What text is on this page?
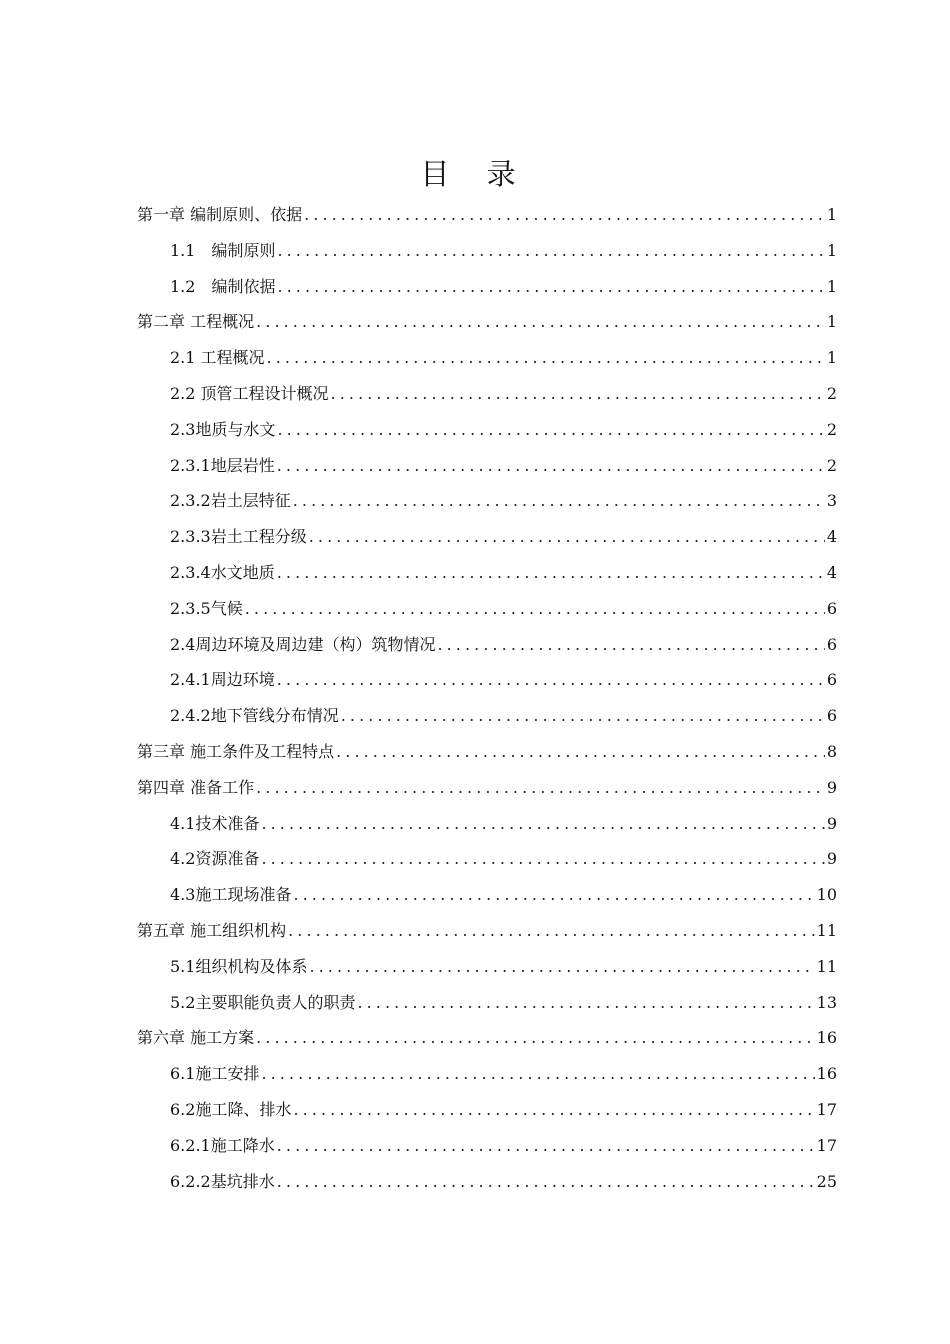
目 录
第一章 编制原则、依据 . . .	1
1.1　编制原则 . . .	1
1.2　编制依据 . . .	1
第二章 工程概况 . . .	1
2.1 工程概况 . . .	1
2.2 顶管工程设计概况 . . .	2
2.3地质与水文 . . .	2
2.3.1地层岩性 . . .	2
2.3.2岩土层特征 . . .	3
2.3.3岩土工程分级 . . .	4
2.3.4水文地质 . . .	4
2.3.5气候 . . .	6
2.4周边环境及周边建（构）筑物情况 . . .	6
2.4.1周边环境 . . .	6
2.4.2地下管线分布情况 . . .	6
第三章 施工条件及工程特点 . . .	8
第四章 准备工作 . . .	9
4.1技术准备 . . .	9
4.2资源准备 . . .	9
4.3施工现场准备 . . .	10
第五章 施工组织机构 . . .	11
5.1组织机构及体系 . . .	11
5.2主要职能负责人的职责 . . .	13
第六章 施工方案 . . .	16
6.1施工安排 . . .	16
6.2施工降、排水 . . .	17
6.2.1施工降水 . . .	17
6.2.2基坑排水 . . .	25
